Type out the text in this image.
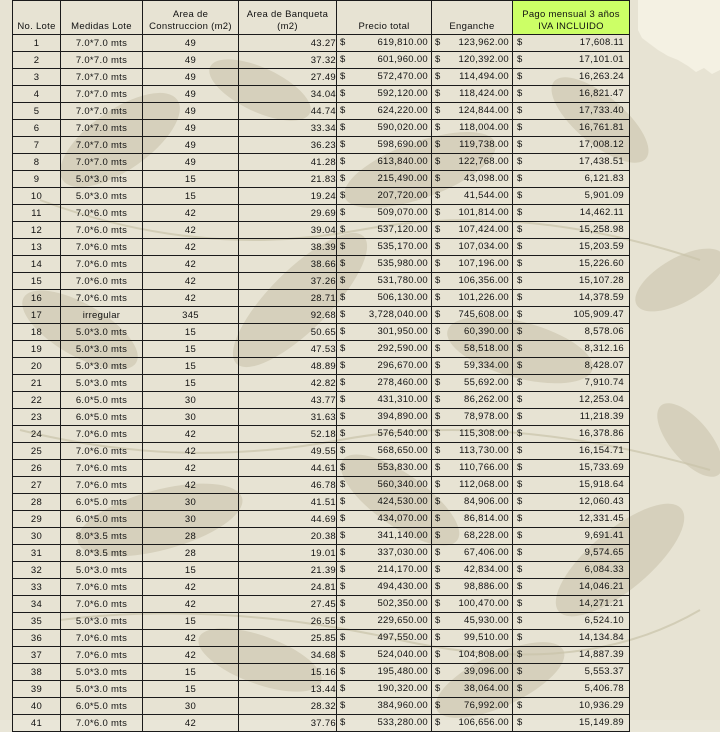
No. Lote	Medidas Lote	Area de Construccion (m2)	Area de Banqueta (m2)	Precio total	Enganche	Pago mensual 3 años IVA INCLUIDO
1	7.0*7.0 mts	49	43.27	$ 619,810.00	$ 123,962.00	$ 17,608.11

2	7.0*7.0 mts	49	37.32	$ 601,960.00	$ 120,392.00	$ 17,101.01

3	7.0*7.0 mts	49	27.49	$ 572,470.00	$ 114,494.00	$ 16,263.24

4	7.0*7.0 mts	49	34.04	$ 592,120.00	$ 118,424.00	$ 16,821.47

5	7.0*7.0 mts	49	44.74	$ 624,220.00	$ 124,844.00	$ 17,733.40

6	7.0*7.0 mts	49	33.34	$ 590,020.00	$ 118,004.00	$ 16,761.81

7	7.0*7.0 mts	49	36.23	$ 598,690.00	$ 119,738.00	$ 17,008.12

8	7.0*7.0 mts	49	41.28	$ 613,840.00	$ 122,768.00	$ 17,438.51

9	5.0*3.0 mts	15	21.83	$ 215,490.00	$ 43,098.00	$ 6,121.83

10	5.0*3.0 mts	15	19.24	$ 207,720.00	$ 41,544.00	$ 5,901.09

11	7.0*6.0 mts	42	29.69	$ 509,070.00	$ 101,814.00	$ 14,462.11

12	7.0*6.0 mts	42	39.04	$ 537,120.00	$ 107,424.00	$ 15,258.98

13	7.0*6.0 mts	42	38.39	$ 535,170.00	$ 107,034.00	$ 15,203.59

14	7.0*6.0 mts	42	38.66	$ 535,980.00	$ 107,196.00	$ 15,226.60

15	7.0*6.0 mts	42	37.26	$ 531,780.00	$ 106,356.00	$ 15,107.28

16	7.0*6.0 mts	42	28.71	$ 506,130.00	$ 101,226.00	$ 14,378.59

17	irregular	345	92.68	$ 3,728,040.00	$ 745,608.00	$ 105,909.47

18	5.0*3.0 mts	15	50.65	$ 301,950.00	$ 60,390.00	$ 8,578.06

19	5.0*3.0 mts	15	47.53	$ 292,590.00	$ 58,518.00	$ 8,312.16

20	5.0*3.0 mts	15	48.89	$ 296,670.00	$ 59,334.00	$ 8,428.07

21	5.0*3.0 mts	15	42.82	$ 278,460.00	$ 55,692.00	$ 7,910.74

22	6.0*5.0 mts	30	43.77	$ 431,310.00	$ 86,262.00	$ 12,253.04

23	6.0*5.0 mts	30	31.63	$ 394,890.00	$ 78,978.00	$ 11,218.39

24	7.0*6.0 mts	42	52.18	$ 576,540.00	$ 115,308.00	$ 16,378.86

25	7.0*6.0 mts	42	49.55	$ 568,650.00	$ 113,730.00	$ 16,154.71

26	7.0*6.0 mts	42	44.61	$ 553,830.00	$ 110,766.00	$ 15,733.69

27	7.0*6.0 mts	42	46.78	$ 560,340.00	$ 112,068.00	$ 15,918.64

28	6.0*5.0 mts	30	41.51	$ 424,530.00	$ 84,906.00	$ 12,060.43

29	6.0*5.0 mts	30	44.69	$ 434,070.00	$ 86,814.00	$ 12,331.45

30	8.0*3.5 mts	28	20.38	$ 341,140.00	$ 68,228.00	$ 9,691.41

31	8.0*3.5 mts	28	19.01	$ 337,030.00	$ 67,406.00	$ 9,574.65

32	5.0*3.0 mts	15	21.39	$ 214,170.00	$ 42,834.00	$ 6,084.33

33	7.0*6.0 mts	42	24.81	$ 494,430.00	$ 98,886.00	$ 14,046.21

34	7.0*6.0 mts	42	27.45	$ 502,350.00	$ 100,470.00	$ 14,271.21

35	5.0*3.0 mts	15	26.55	$ 229,650.00	$ 45,930.00	$ 6,524.10

36	7.0*6.0 mts	42	25.85	$ 497,550.00	$ 99,510.00	$ 14,134.84

37	7.0*6.0 mts	42	34.68	$ 524,040.00	$ 104,808.00	$ 14,887.39

38	5.0*3.0 mts	15	15.16	$ 195,480.00	$ 39,096.00	$ 5,553.37

39	5.0*3.0 mts	15	13.44	$ 190,320.00	$ 38,064.00	$ 5,406.78

40	6.0*5.0 mts	30	28.32	$ 384,960.00	$ 76,992.00	$ 10,936.29

41	7.0*6.0 mts	42	37.76	$ 533,280.00	$ 106,656.00	$ 15,149.89
